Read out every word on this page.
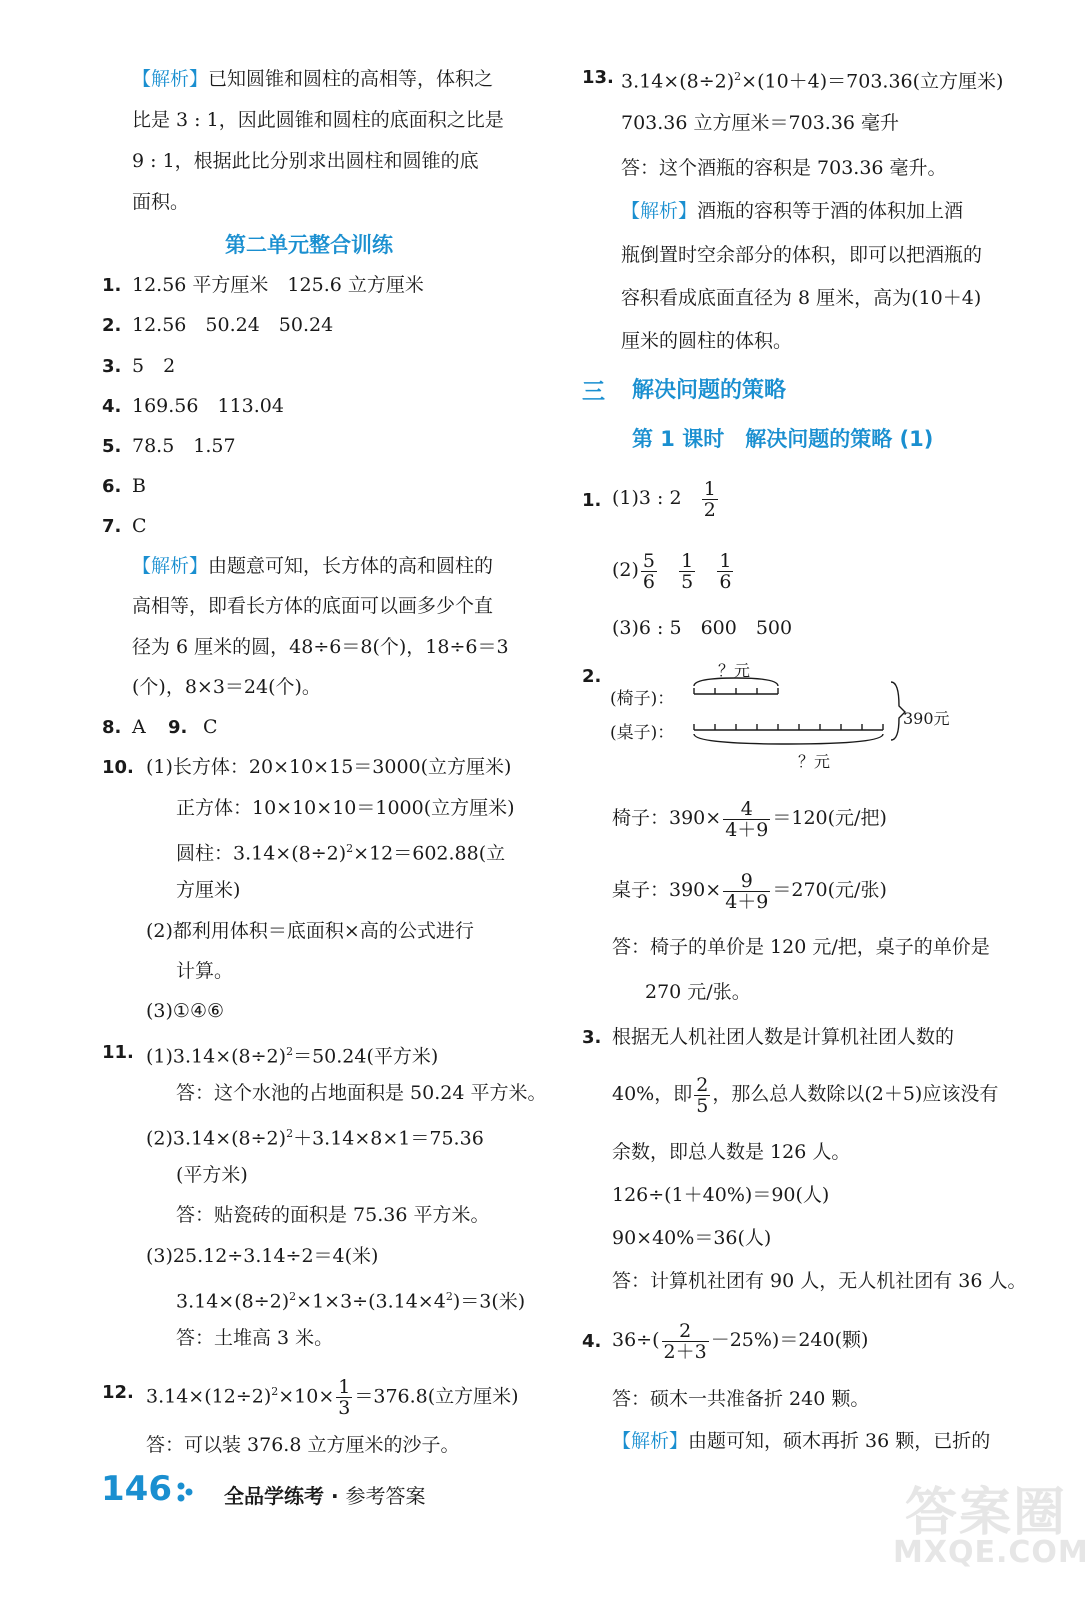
【解析】已知圆锥和圆柱的高相等，体积之
比是 3 : 1，因此圆锥和圆柱的底面积之比是
9 : 1，根据此比分别求出圆柱和圆锥的底
面积。
第二单元整合训练
1. 12.56 平方厘米　125.6 立方厘米
2. 12.56　50.24　50.24
3. 5　2
4. 169.56　113.04
5. 78.5　1.57
6. B
7. C
【解析】由题意可知，长方体的高和圆柱的
高相等，即看长方体的底面可以画多少个直
径为 6 厘米的圆，48÷6＝8(个)，18÷6＝3
(个)，8×3＝24(个)。
8. A 9. C
10. (1)长方体：20×10×15＝3000(立方厘米)
正方体：10×10×10＝1000(立方厘米)
圆柱：$3.14\times(8\div 2)^2\times 12=602.88$(立
方厘米)
(2)都利用体积＝底面积×高的公式进行
计算。
(3)①④⑥
11. $(1)3.14\times(8\div 2)^2=50.24$(平方米)
答：这个水池的占地面积是 50.24 平方米。
$(2)3.14\times(8\div 2)^2+3.14\times 8\times 1=75.36$
(平方米)
答：贴瓷砖的面积是 75.36 平方米。
(3)25.12÷3.14÷2＝4(米)
$3.14\times(8\div 2)^2\times 1\times 3\div(3.14\times 4^2)=3$(米)
答：土堆高 3 米。
12. $3.14\times(12\div 2)^2\times 10\times \frac{1}{3} =376.8$(立方厘米)
答：可以装 376.8 立方厘米的沙子。
13. $3.14\times(8\div 2)^2\times(10+4)=703.36$(立方厘米)
703.36 立方厘米＝703.36 毫升
答：这个酒瓶的容积是 703.36 毫升。
【解析】酒瓶的容积等于酒的体积加上酒
瓶倒置时空余部分的体积，即可以把酒瓶的
容积看成底面直径为 8 厘米，高为(10＋4)
厘米的圆柱的体积。
三 解决问题的策略
第 1 课时　解决问题的策略 (1)
1. (1)3 : $2 \frac{1}{2}$
$(2) \frac{5}{6}$
$\frac{1}{5}$
$\frac{1}{6}$
(3)6 : 5　600　500
2.	？元
(椅子)：
(桌子)：
390元
？元
椅子：$390\times \frac{4}{4+9} =120$(元/把)
桌子：$390\times \frac{9}{4+9} =270$(元/张)
答：椅子的单价是 120 元/把，桌子的单价是
270 元/张。
3. 根据无人机社团人数是计算机社团人数的
40%，即 $\frac{2}{5}$ ，那么总人数除以(2＋5)应该没有
余数，即总人数是 126 人。
126÷(1＋40%)＝90(人)
90×40%＝36(人)
答：计算机社团有 90 人，无人机社团有 36 人。
4. $36\div( \frac{2}{2+3} -25\%)=240$(颗)
答：硕木一共准备折 240 颗。
【解析】由题可知，硕木再折 36 颗，已折的
146	全品学练考 · 参考答案	答案圈
MXQE.COM
